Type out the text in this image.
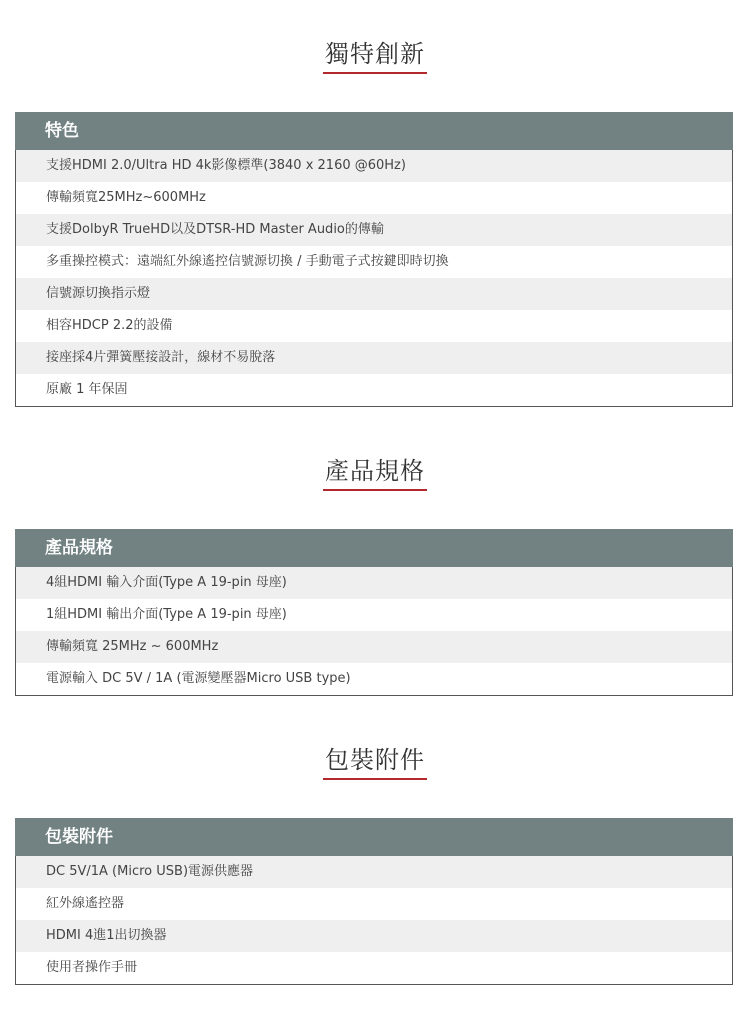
獨特創新
特色
支援HDMI 2.0/Ultra HD 4k影像標準(3840 x 2160 @60Hz)
傳輸頻寬25MHz~600MHz
支援DolbyR TrueHD以及DTSR-HD Master Audio的傳輸
多重操控模式：遠端紅外線遙控信號源切換 / 手動電子式按鍵即時切換
信號源切換指示燈
相容HDCP 2.2的設備
接座採4片彈簧壓接設計，線材不易脫落
原廠 1 年保固
產品規格
產品規格
4組HDMI 輸入介面(Type A 19-pin 母座)
1組HDMI 輸出介面(Type A 19-pin 母座)
傳輸頻寬 25MHz ~ 600MHz
電源輸入 DC 5V / 1A (電源變壓器Micro USB type)
包裝附件
包裝附件
DC 5V/1A (Micro USB)電源供應器
紅外線遙控器
HDMI 4進1出切換器
使用者操作手冊
